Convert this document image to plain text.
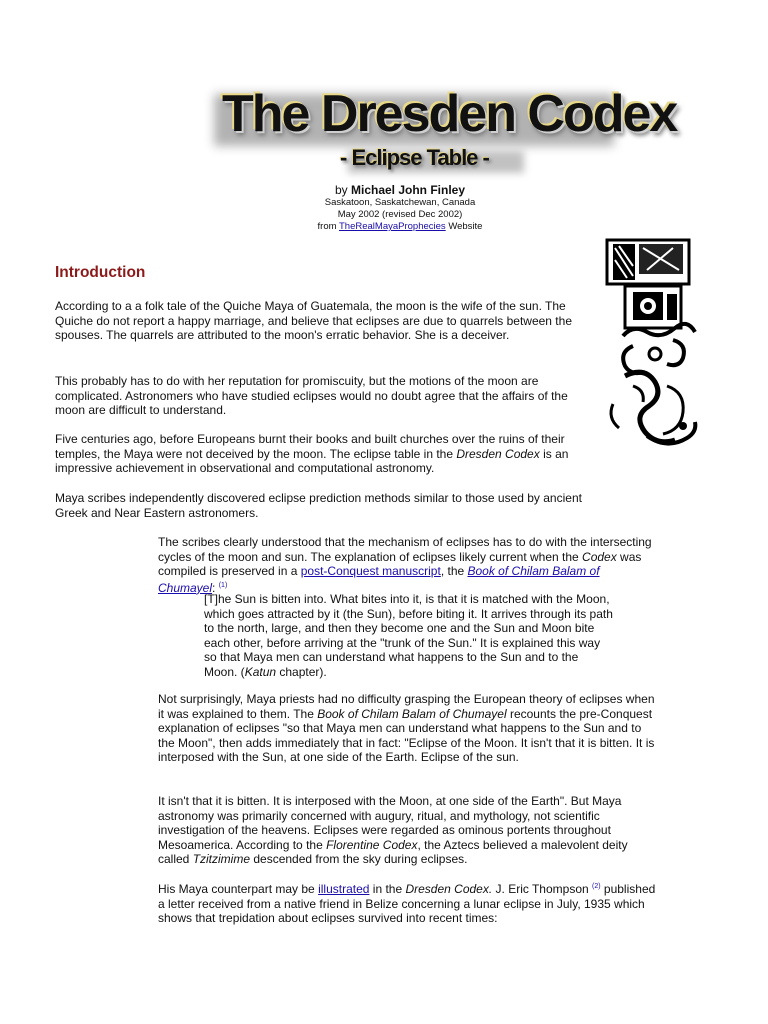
The Dresden Codex
- Eclipse Table -
by Michael John Finley
Saskatoon, Saskatchewan, Canada
May 2002 (revised Dec 2002)
from TheRealMayaProphecies Website
Introduction
According to a a folk tale of the Quiche Maya of Guatemala, the moon is the wife of the sun. The Quiche do not report a happy marriage, and believe that eclipses are due to quarrels between the spouses. The quarrels are attributed to the moon's erratic behavior. She is a deceiver.
This probably has to do with her reputation for promiscuity, but the motions of the moon are complicated. Astronomers who have studied eclipses would no doubt agree that the affairs of the moon are difficult to understand.
Five centuries ago, before Europeans burnt their books and built churches over the ruins of their temples, the Maya were not deceived by the moon. The eclipse table in the Dresden Codex is an impressive achievement in observational and computational astronomy.
Maya scribes independently discovered eclipse prediction methods similar to those used by ancient Greek and Near Eastern astronomers.
The scribes clearly understood that the mechanism of eclipses has to do with the intersecting cycles of the moon and sun. The explanation of eclipses likely current when the Codex was compiled is preserved in a post-Conquest manuscript, the Book of Chilam Balam of Chumayel: $^{(1)}$
[T]he Sun is bitten into. What bites into it, is that it is matched with the Moon, which goes attracted by it (the Sun), before biting it. It arrives through its path to the north, large, and then they become one and the Sun and Moon bite each other, before arriving at the "trunk of the Sun." It is explained this way so that Maya men can understand what happens to the Sun and to the Moon. (Katun chapter).
Not surprisingly, Maya priests had no difficulty grasping the European theory of eclipses when it was explained to them. The Book of Chilam Balam of Chumayel recounts the pre-Conquest explanation of eclipses "so that Maya men can understand what happens to the Sun and to the Moon", then adds immediately that in fact: "Eclipse of the Moon. It isn't that it is bitten. It is interposed with the Sun, at one side of the Earth. Eclipse of the sun.
It isn't that it is bitten. It is interposed with the Moon, at one side of the Earth". But Maya astronomy was primarily concerned with augury, ritual, and mythology, not scientific investigation of the heavens. Eclipses were regarded as ominous portents throughout Mesoamerica. According to the Florentine Codex, the Aztecs believed a malevolent deity called Tzitzimime descended from the sky during eclipses.
His Maya counterpart may be illustrated in the Dresden Codex. J. Eric Thompson $^{(2)}$ published a letter received from a native friend in Belize concerning a lunar eclipse in July, 1935 which shows that trepidation about eclipses survived into recent times:
